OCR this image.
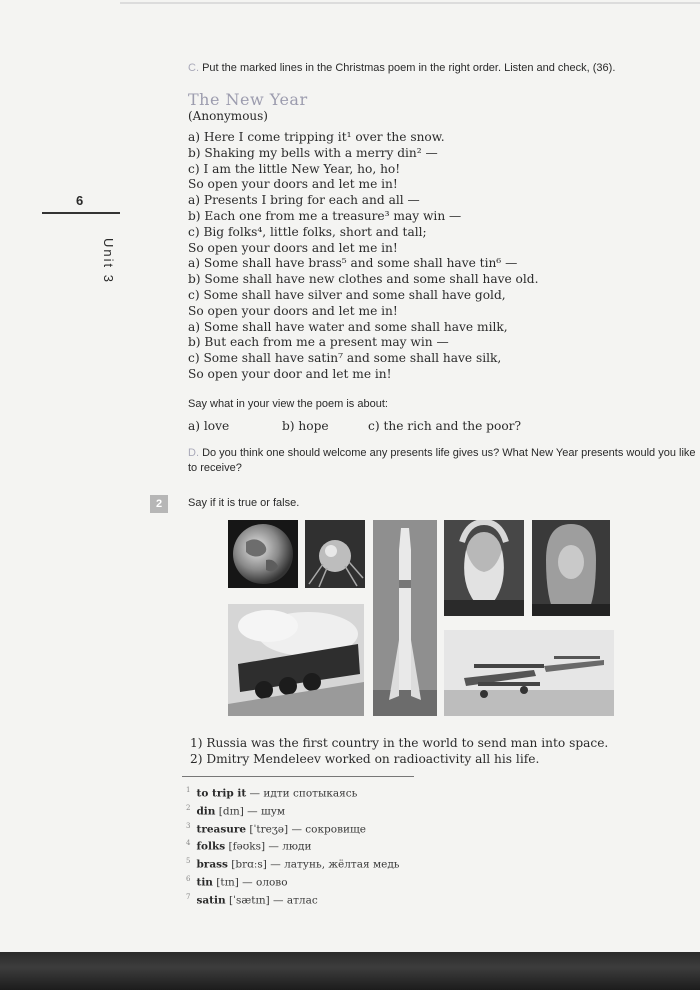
6
Unit 3
C. Put the marked lines in the Christmas poem in the right order. Listen and check, (36).
The New Year
(Anonymous)
a) Here I come tripping it¹ over the snow.
b) Shaking my bells with a merry din² —
c) I am the little New Year, ho, ho!
So open your doors and let me in!
a) Presents I bring for each and all —
b) Each one from me a treasure³ may win —
c) Big folks⁴, little folks, short and tall;
So open your doors and let me in!
a) Some shall have brass⁵ and some shall have tin⁶ —
b) Some shall have new clothes and some shall have old.
c) Some shall have silver and some shall have gold,
So open your doors and let me in!
a) Some shall have water and some shall have milk,
b) But each from me a present may win —
c) Some shall have satin⁷ and some shall have silk,
So open your door and let me in!
Say what in your view the poem is about:
a) love	b) hope	c) the rich and the poor?
D. Do you think one should welcome any presents life gives us? What New Year presents would you like to receive?
2	Say if it is true or false.
1) Russia was the first country in the world to send man into space.
2) Dmitry Mendeleev worked on radioactivity all his life.
$^1$ to trip it — идти спотыкаясь
$^2$ din [dɪn] — шум
$^3$ treasure [ˈtreʒə] — сокровище
$^4$ folks [fəʊks] — люди
$^5$ brass [brɑːs] — латунь, жёлтая медь
$^6$ tin [tɪn] — олово
$^7$ satin [ˈsætɪn] — атлас
